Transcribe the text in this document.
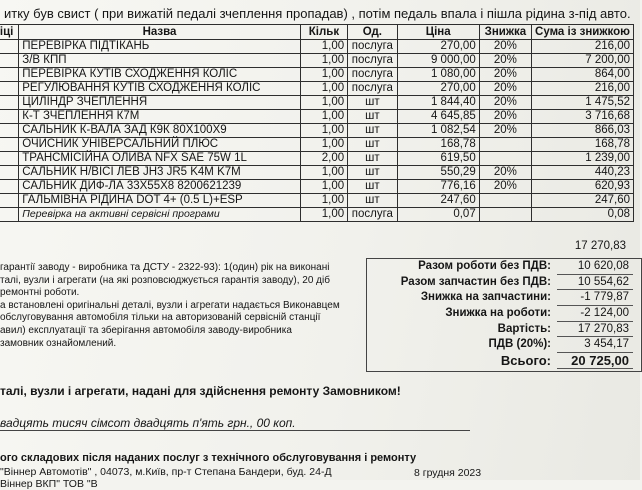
итку був свист ( при вижатій педалі зчеплення пропадав) , потім педаль впала і пішла рідина з-під авто.
іці	Назва	Кільк	Од.	Ціна	Знижка	Сума із знижкою
	ПЕРЕВІРКА ПІДТІКАНЬ	1,00	послуга	270,00	20%	216,00
	З/В КПП	1,00	послуга	9 000,00	20%	7 200,00
	ПЕРЕВІРКА КУТІВ СХОДЖЕННЯ КОЛІС	1,00	послуга	1 080,00	20%	864,00
	РЕГУЛЮВАННЯ КУТІВ СХОДЖЕННЯ КОЛІС	1,00	послуга	270,00	20%	216,00
	ЦИЛІНДР ЗЧЕПЛЕННЯ	1,00	шт	1 844,40	20%	1 475,52
	К-Т ЗЧЕПЛЕННЯ К7М	1,00	шт	4 645,85	20%	3 716,68
	САЛЬНИК К-ВАЛА ЗАД К9К 80X100X9	1,00	шт	1 082,54	20%	866,03
	ОЧИСНИК УНІВЕРСАЛЬНИЙ ПЛЮС	1,00	шт	168,78		168,78
	ТРАНСМІСІЙНА ОЛИВА NFX SAE 75W 1L	2,00	шт	619,50		1 239,00
	САЛЬНИК Н/ВІСІ ЛЕВ JH3 JR5 K4M K7M	1,00	шт	550,29	20%	440,23
	САЛЬНИК ДИФ-ЛА 33X55X8 8200621239	1,00	шт	776,16	20%	620,93
	ГАЛЬМІВНА РІДИНА DOT 4+ (0.5 L)+ESP	1,00	шт	247,60		247,60
	Перевірка на активні сервісні програми	1,00	послуга	0,07		0,08
17 270,83
гарантії заводу - виробника та ДСТУ - 2322-93): 1(один) рік на виконані
талі, вузли і агрегати (на які розповсюджується гарантія заводу), 20 діб
ремонтні роботи.
а встановлені оригінальні деталі, вузли і агрегати надається Виконавцем
обслуговування автомобіля тільки на авторизованій сервісній станції
авил) експлуатації та зберігання автомобіля заводу-виробника
замовник ознайомлений.
Разом роботи без ПДВ:	10 620,08
Разом запчастин без ПДВ:	10 554,62
Знижка на запчастини:	-1 779,87
Знижка на роботи:	-2 124,00
Вартість:	17 270,83
ПДВ (20%):	3 454,17
Всього:	20 725,00
талі, вузли і агрегати, надані для здійснення ремонту Замовником!
вадцять тисяч сімсот двадцять п'ять грн., 00 коп.
ого складових після наданих послуг з технічного обслуговування і ремонту
"Віннер Автомотів" , 04073, м.Київ, пр-т Степана Бандери, буд. 24-Д	8 грудня 2023
Віннер ВКП" ТОВ "В
